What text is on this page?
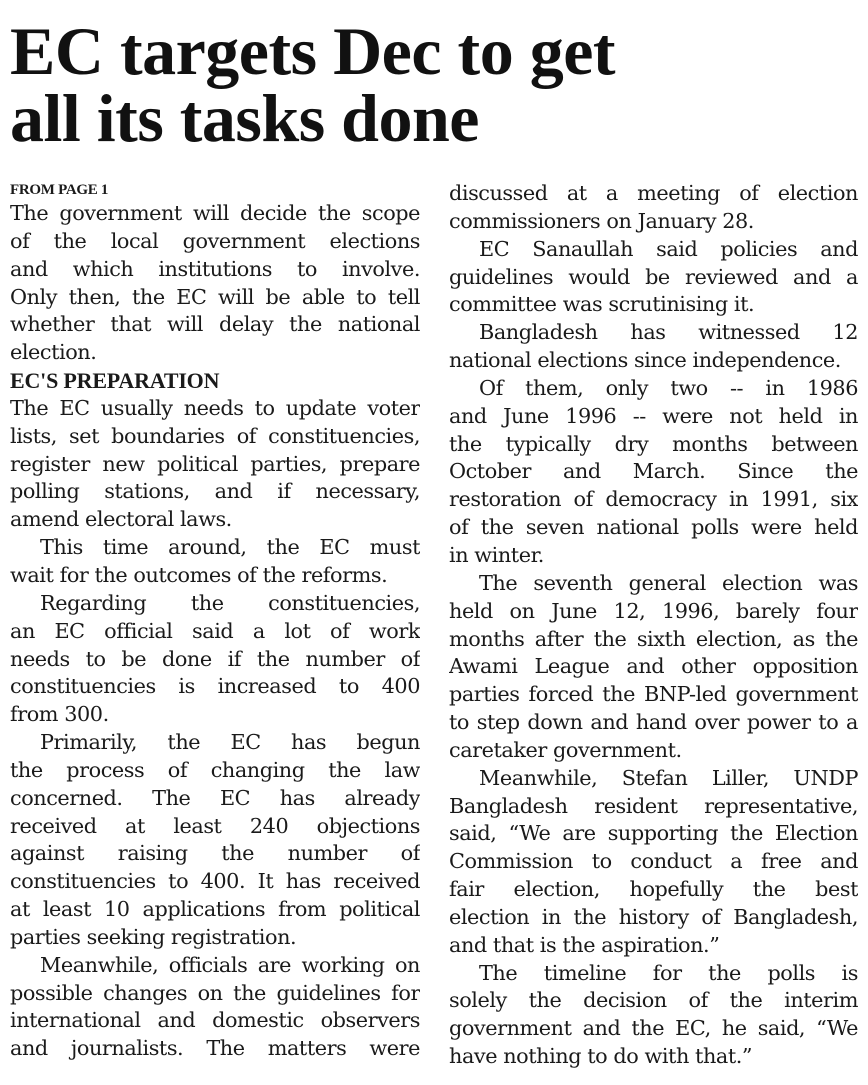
EC targets Dec to get
all its tasks done
FROM PAGE 1
The government will decide the scope
of the local government elections
and which institutions to involve.
Only then, the EC will be able to tell
whether that will delay the national
election.
EC'S PREPARATION
The EC usually needs to update voter
lists, set boundaries of constituencies,
register new political parties, prepare
polling stations, and if necessary,
amend electoral laws.
This time around, the EC must
wait for the outcomes of the reforms.
Regarding the constituencies,
an EC official said a lot of work
needs to be done if the number of
constituencies is increased to 400
from 300.
Primarily, the EC has begun
the process of changing the law
concerned. The EC has already
received at least 240 objections
against raising the number of
constituencies to 400. It has received
at least 10 applications from political
parties seeking registration.
Meanwhile, officials are working on
possible changes on the guidelines for
international and domestic observers
and journalists. The matters were
discussed at a meeting of election
commissioners on January 28.
EC Sanaullah said policies and
guidelines would be reviewed and a
committee was scrutinising it.
Bangladesh has witnessed 12
national elections since independence.
Of them, only two -- in 1986
and June 1996 -- were not held in
the typically dry months between
October and March. Since the
restoration of democracy in 1991, six
of the seven national polls were held
in winter.
The seventh general election was
held on June 12, 1996, barely four
months after the sixth election, as the
Awami League and other opposition
parties forced the BNP-led government
to step down and hand over power to a
caretaker government.
Meanwhile, Stefan Liller, UNDP
Bangladesh resident representative,
said, “We are supporting the Election
Commission to conduct a free and
fair election, hopefully the best
election in the history of Bangladesh,
and that is the aspiration.”
The timeline for the polls is
solely the decision of the interim
government and the EC, he said, “We
have nothing to do with that.”
